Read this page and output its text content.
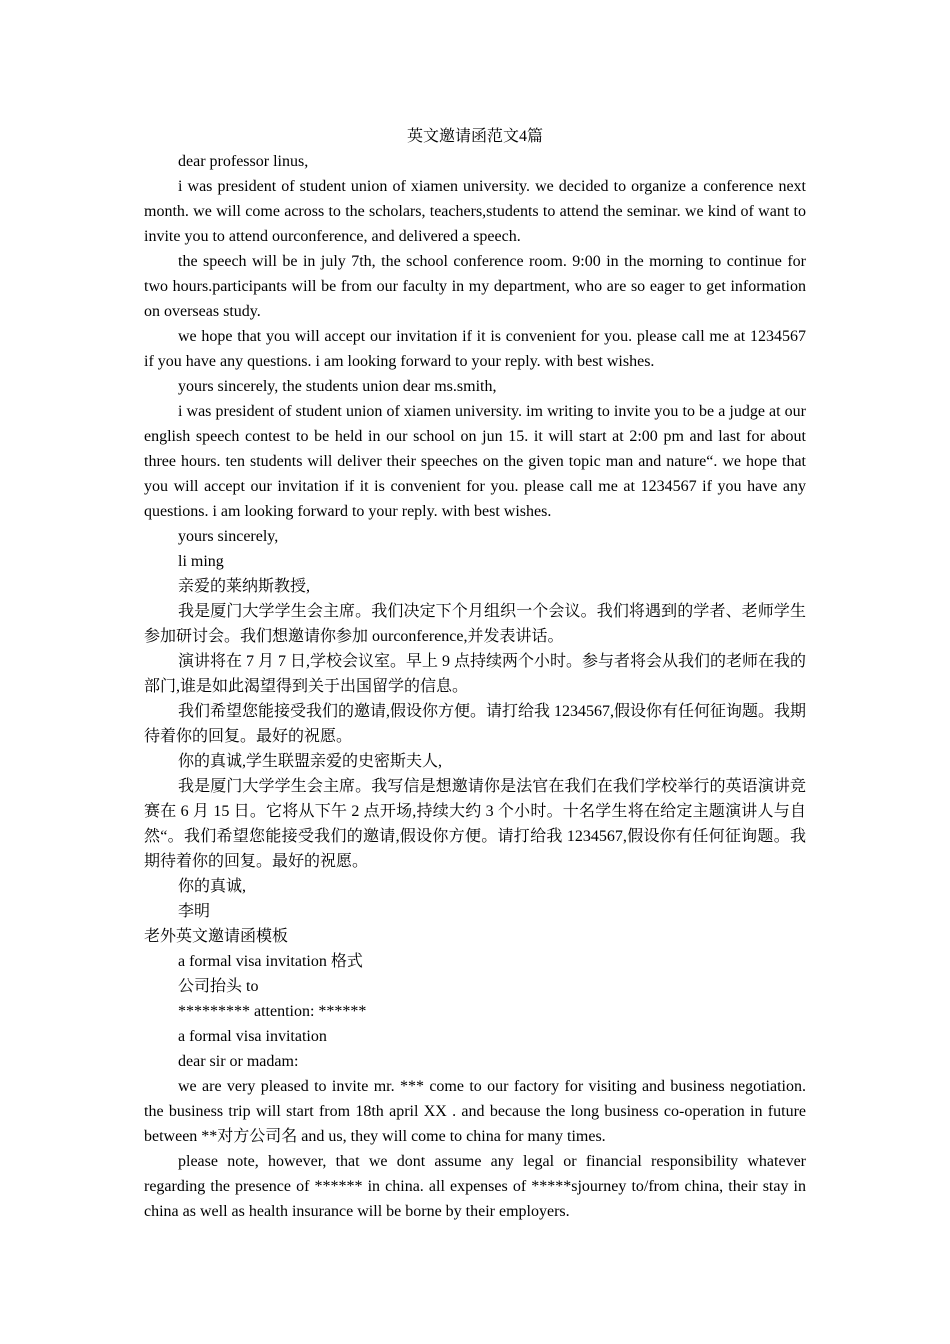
英文邀请函范文4篇

dear professor linus,

i was president of student union of xiamen university. we decided to organize a conference next month. we will come across to the scholars, teachers,students to attend the seminar. we kind of want to invite you to attend ourconference, and delivered a speech.

the speech will be in july 7th, the school conference room. 9:00 in the morning to continue for two hours.participants will be from our faculty in my department, who are so eager to get information on overseas study.

we hope that you will accept our invitation if it is convenient for you. please call me at 1234567 if you have any questions. i am looking forward to your reply. with best wishes.

yours sincerely, the students union dear ms.smith,

i was president of student union of xiamen university. im writing to invite you to be a judge at our english speech contest to be held in our school on jun 15. it will start at 2:00 pm and last for about three hours. ten students will deliver their speeches on the given topic man and nature“. we hope that you will accept our invitation if it is convenient for you. please call me at 1234567 if you have any questions. i am looking forward to your reply. with best wishes.

yours sincerely,

li ming

亲爱的莱纳斯教授,

我是厦门大学学生会主席。我们决定下个月组织一个会议。我们将遇到的学者、老师学生参加研讨会。我们想邀请你参加 ourconference,并发表讲话。

演讲将在 7 月 7 日,学校会议室。早上 9 点持续两个小时。参与者将会从我们的老师在我的部门,谁是如此渴望得到关于出国留学的信息。

我们希望您能接受我们的邀请,假设你方便。请打给我 1234567,假设你有任何征询题。我期待着你的回复。最好的祝愿。

你的真诚,学生联盟亲爱的史密斯夫人,

我是厦门大学学生会主席。我写信是想邀请你是法官在我们在我们学校举行的英语演讲竞赛在 6 月 15 日。它将从下午 2 点开场,持续大约 3 个小时。十名学生将在给定主题演讲人与自然“。我们希望您能接受我们的邀请,假设你方便。请打给我 1234567,假设你有任何征询题。我期待着你的回复。最好的祝愿。

你的真诚,

李明

老外英文邀请函模板

a formal visa invitation 格式

公司抬头 to

********* attention: ******

a formal visa invitation

dear sir or madam:

we are very pleased to invite mr. *** come to our factory for visiting and business negotiation. the business trip will start from 18th april XX . and because the long business co-operation in future between **对方公司名 and us, they will come to china for many times.

please note, however, that we dont assume any legal or financial responsibility whatever regarding the presence of ****** in china. all expenses of *****sjourney to/from china, their stay in china as well as health insurance will be borne by their employers.
